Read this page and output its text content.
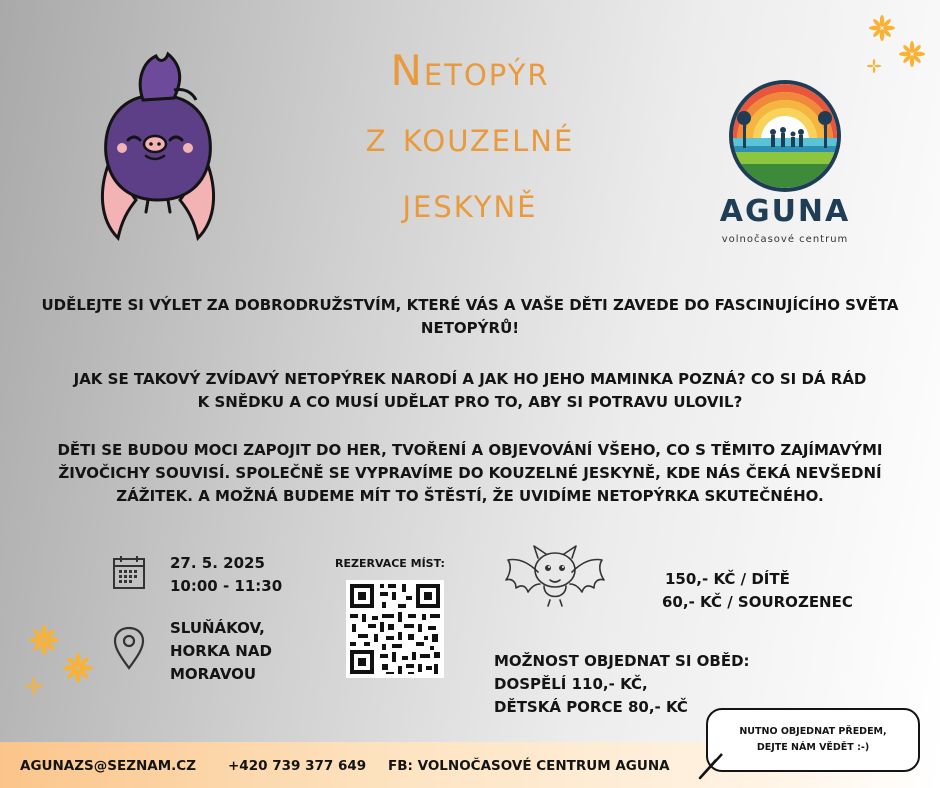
Netopýr
z kouzelné
jeskyně	AGUNA
volnočasové centrum
UDĚLEJTE SI VÝLET ZA DOBRODRUŽSTVÍM, KTERÉ VÁS A VAŠE DĚTI ZAVEDE DO FASCINUJÍCÍHO SVĚTA NETOPÝRŮ!
JAK SE TAKOVÝ ZVÍDAVÝ NETOPÝREK NARODÍ A JAK HO JEHO MAMINKA POZNÁ? CO SI DÁ RÁD
K SNĚDKU A CO MUSÍ UDĚLAT PRO TO, ABY SI POTRAVU ULOVIL?
DĚTI SE BUDOU MOCI ZAPOJIT DO HER, TVOŘENÍ A OBJEVOVÁNÍ VŠEHO, CO S TĚMITO ZAJÍMAVÝMI
ŽIVOČICHY SOUVISÍ. SPOLEČNĚ SE VYPRAVÍME DO KOUZELNÉ JESKYNĚ, KDE NÁS ČEKÁ NEVŠEDNÍ
ZÁŽITEK. A MOŽNÁ BUDEME MÍT TO ŠTĚSTÍ, ŽE UVIDÍME NETOPÝRKA SKUTEČNÉHO.
27. 5. 2025
10:00 - 11:30
SLUŇÁKOV,
HORKA NAD
MORAVOU
REZERVACE MÍST:
150,- KČ / DÍTĚ
60,- KČ / SOUROZENEC
MOŽNOST OBJEDNAT SI OBĚD:
DOSPĚLÍ 110,- KČ,
DĚTSKÁ PORCE 80,- KČ
AGUNAZS@SEZNAM.CZ +420 739 377 649 FB: VOLNOČASOVÉ CENTRUM AGUNA
NUTNO OBJEDNAT PŘEDEM,
DEJTE NÁM VĚDĚT :-)
